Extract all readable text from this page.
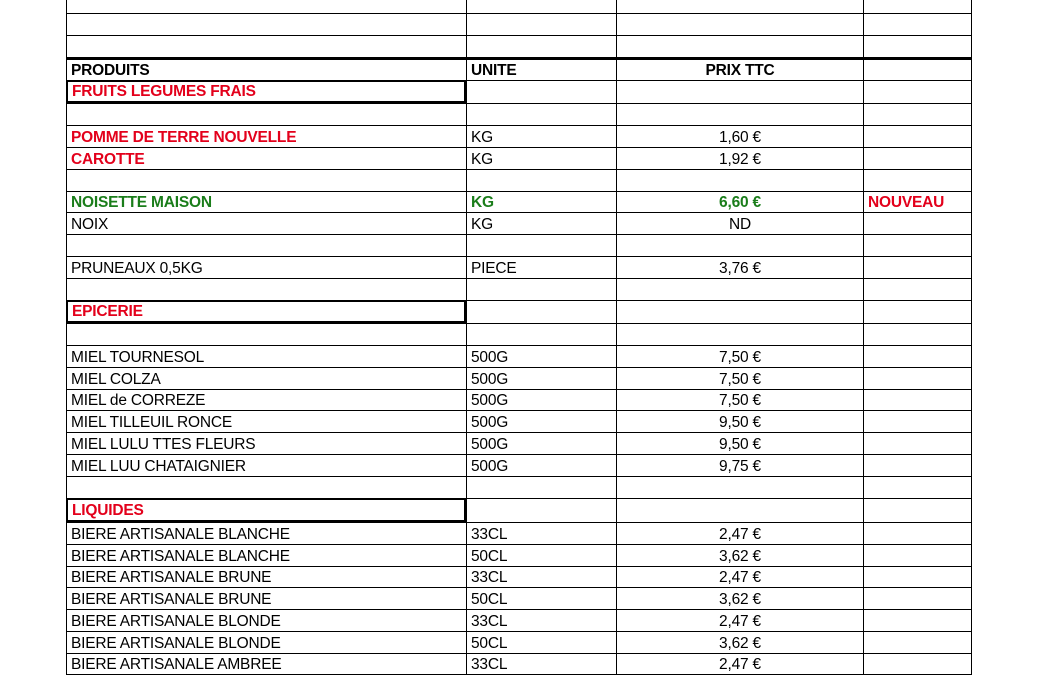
PRODUITS	UNITE	PRIX TTC
FRUITS LEGUMES FRAIS
POMME DE TERRE NOUVELLE	KG	1,60 €
CAROTTE	KG	1,92 €
NOISETTE MAISON	KG	6,60 €	NOUVEAU
NOIX	KG	ND
PRUNEAUX 0,5KG	PIECE	3,76 €
EPICERIE
MIEL TOURNESOL	500G	7,50 €
MIEL COLZA	500G	7,50 €
MIEL de CORREZE	500G	7,50 €
MIEL TILLEUIL RONCE	500G	9,50 €
MIEL LULU TTES FLEURS	500G	9,50 €
MIEL LUU CHATAIGNIER	500G	9,75 €
LIQUIDES
BIERE ARTISANALE BLANCHE	33CL	2,47 €
BIERE ARTISANALE BLANCHE	50CL	3,62 €
BIERE ARTISANALE BRUNE	33CL	2,47 €
BIERE ARTISANALE BRUNE	50CL	3,62 €
BIERE ARTISANALE BLONDE	33CL	2,47 €
BIERE ARTISANALE BLONDE	50CL	3,62 €
BIERE ARTISANALE AMBREE	33CL	2,47 €
